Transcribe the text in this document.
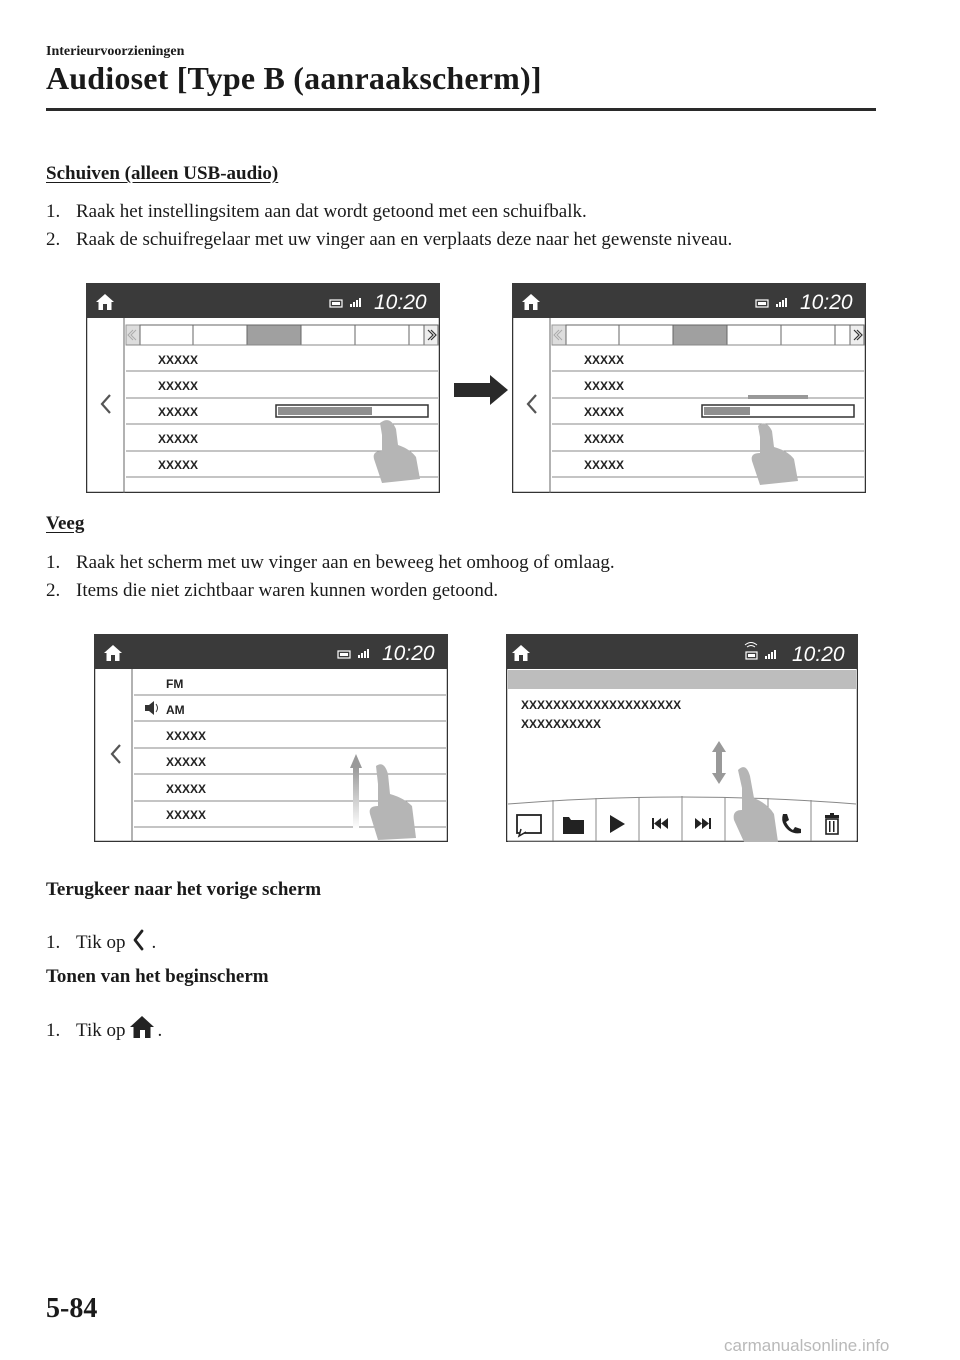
Interieurvoorzieningen
Audioset [Type B (aanraakscherm)]
Schuiven (alleen USB-audio)
1. Raak het instellingsitem aan dat wordt getoond met een schuifbalk.
2. Raak de schuifregelaar met uw vinger aan en verplaats deze naar het gewenste niveau.
10:20
XXXXX
XXXXX
XXXXX
XXXXX
XXXXX
10:20
XXXXX
XXXXX
XXXXX
XXXXX
XXXXX
Veeg
1. Raak het scherm met uw vinger aan en beweeg het omhoog of omlaag.
2. Items die niet zichtbaar waren kunnen worden getoond.
10:20
FM
AM
XXXXX
XXXXX
XXXXX
XXXXX
10:20
XXXXXXXXXXXXXXXXXXXX
XXXXXXXXXX
Terugkeer naar het vorige scherm
1. Tik op .
Tonen van het beginscherm
1. Tik op .
5-84
carmanualsonline.info
